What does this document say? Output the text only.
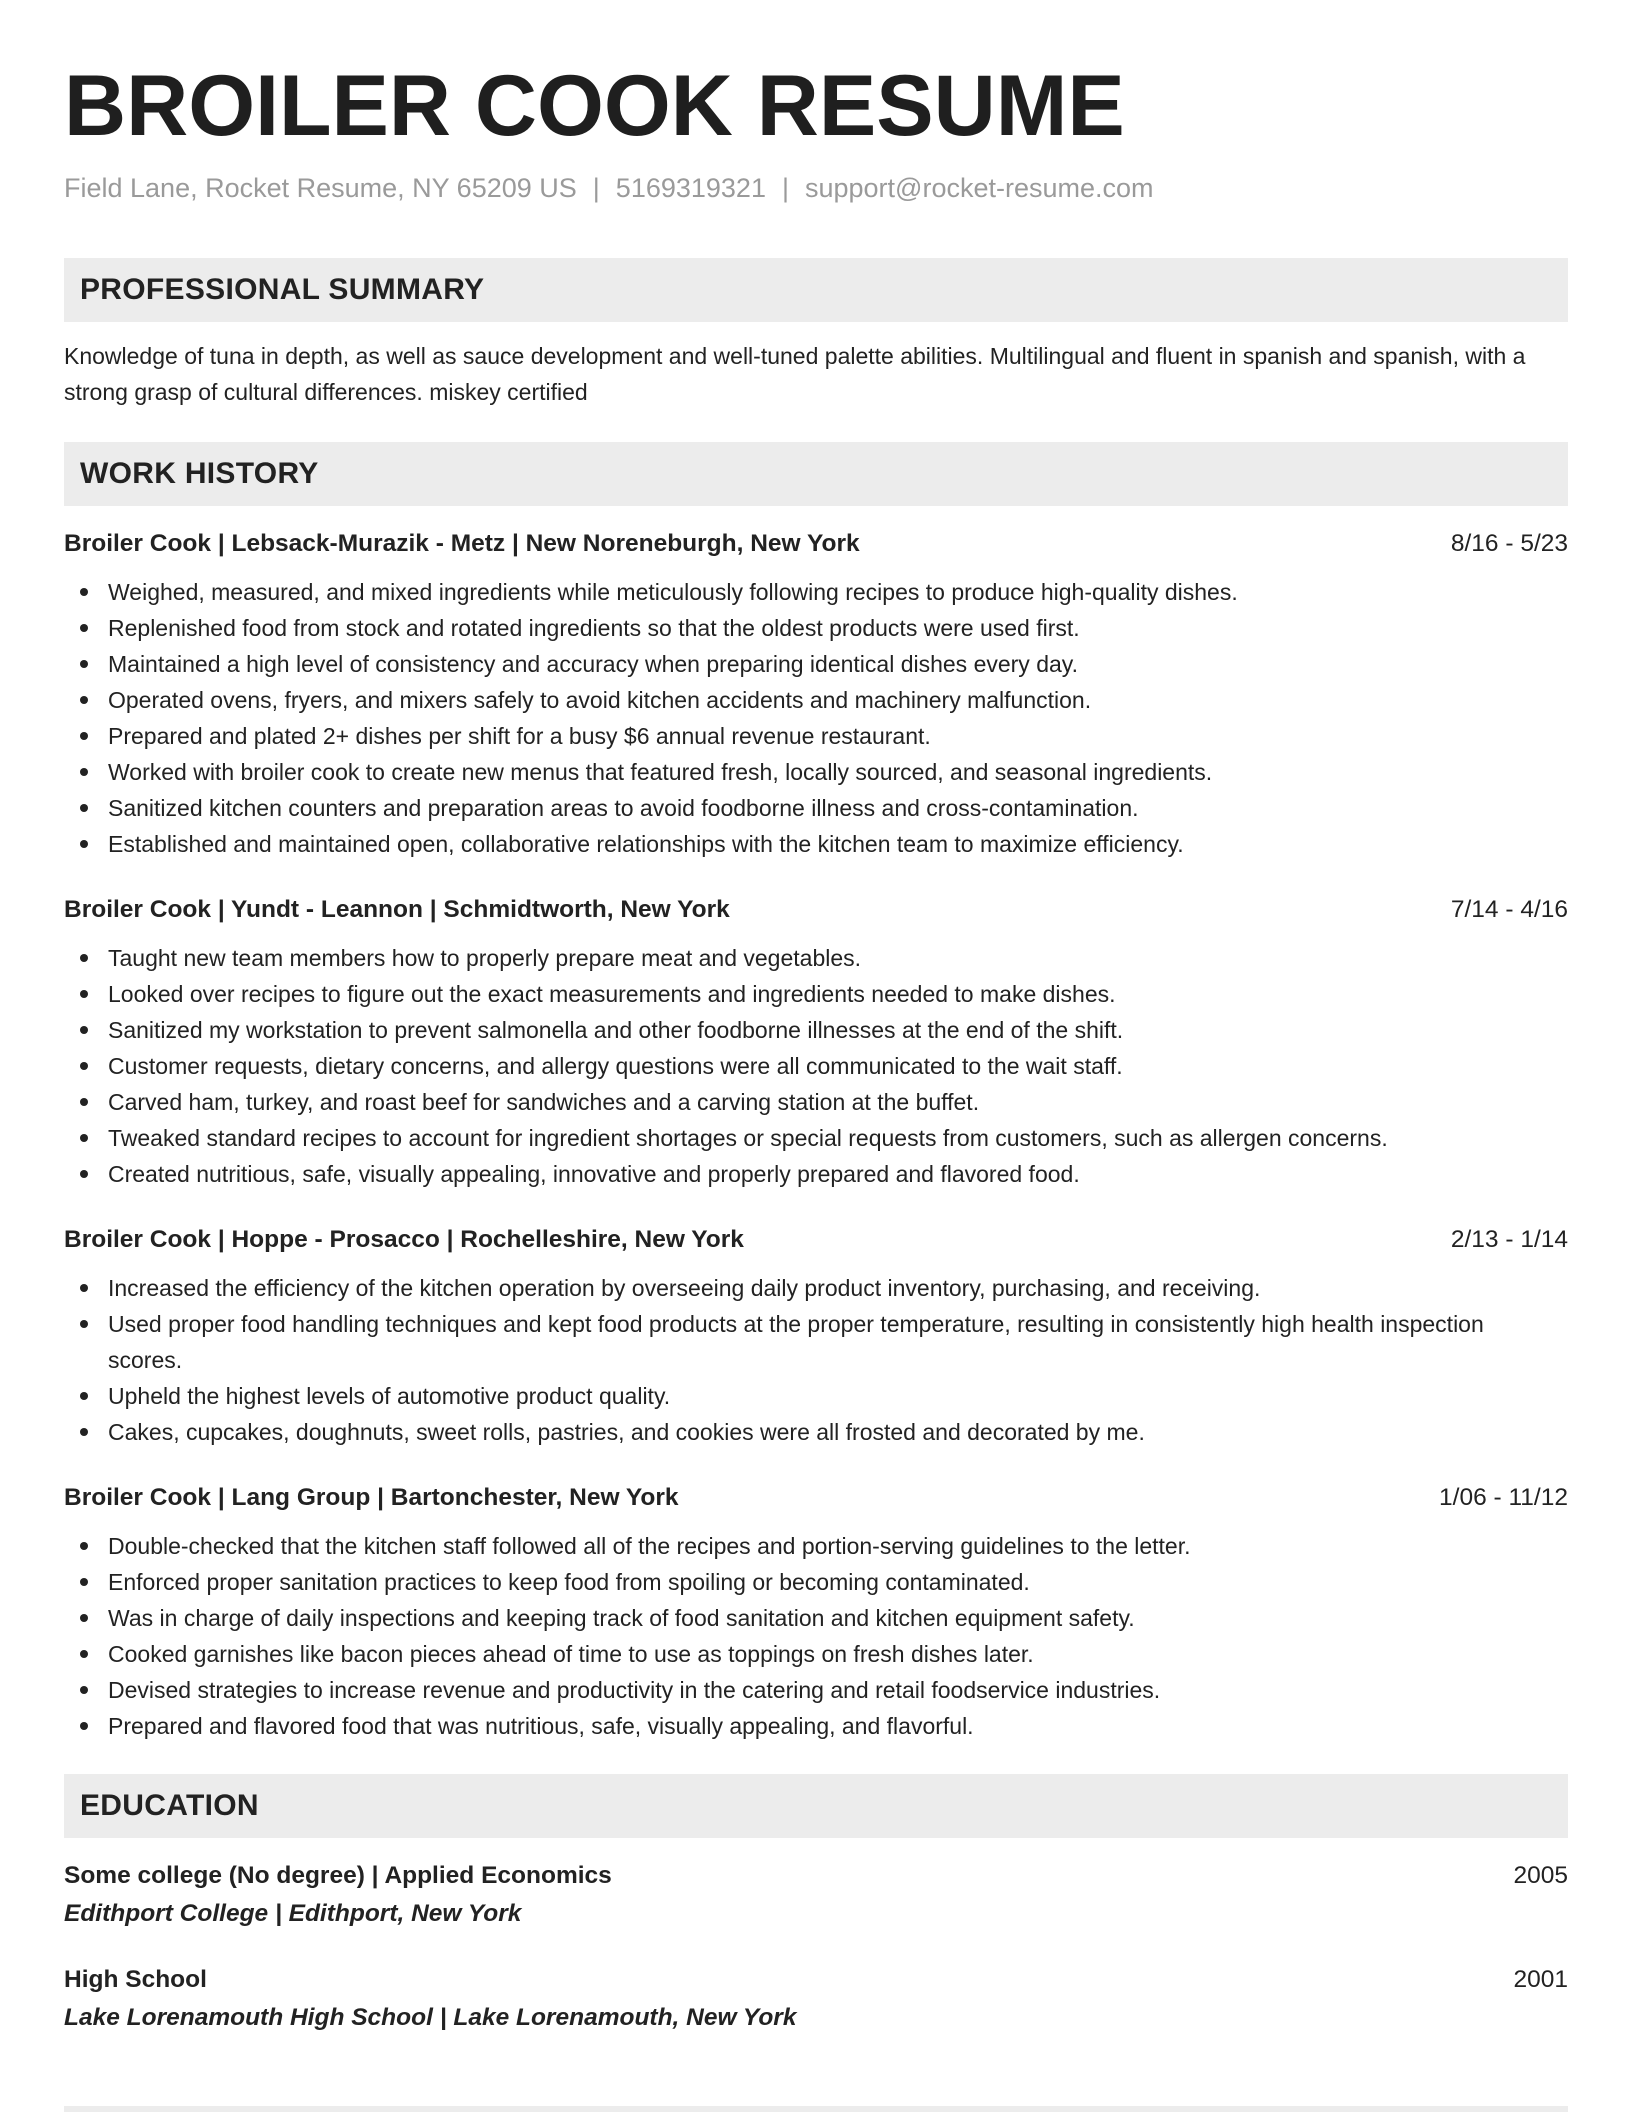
BROILER COOK RESUME
Field Lane, Rocket Resume, NY 65209 US | 5169319321 | support@rocket-resume.com
PROFESSIONAL SUMMARY
Knowledge of tuna in depth, as well as sauce development and well-tuned palette abilities. Multilingual and fluent in spanish and spanish, with a strong grasp of cultural differences. miskey certified
WORK HISTORY
Broiler Cook | Lebsack-Murazik - Metz | New Noreneburgh, New York	8/16 - 5/23
Weighed, measured, and mixed ingredients while meticulously following recipes to produce high-quality dishes.
Replenished food from stock and rotated ingredients so that the oldest products were used first.
Maintained a high level of consistency and accuracy when preparing identical dishes every day.
Operated ovens, fryers, and mixers safely to avoid kitchen accidents and machinery malfunction.
Prepared and plated 2+ dishes per shift for a busy $6 annual revenue restaurant.
Worked with broiler cook to create new menus that featured fresh, locally sourced, and seasonal ingredients.
Sanitized kitchen counters and preparation areas to avoid foodborne illness and cross-contamination.
Established and maintained open, collaborative relationships with the kitchen team to maximize efficiency.
Broiler Cook | Yundt - Leannon | Schmidtworth, New York	7/14 - 4/16
Taught new team members how to properly prepare meat and vegetables.
Looked over recipes to figure out the exact measurements and ingredients needed to make dishes.
Sanitized my workstation to prevent salmonella and other foodborne illnesses at the end of the shift.
Customer requests, dietary concerns, and allergy questions were all communicated to the wait staff.
Carved ham, turkey, and roast beef for sandwiches and a carving station at the buffet.
Tweaked standard recipes to account for ingredient shortages or special requests from customers, such as allergen concerns.
Created nutritious, safe, visually appealing, innovative and properly prepared and flavored food.
Broiler Cook | Hoppe - Prosacco | Rochelleshire, New York	2/13 - 1/14
Increased the efficiency of the kitchen operation by overseeing daily product inventory, purchasing, and receiving.
Used proper food handling techniques and kept food products at the proper temperature, resulting in consistently high health inspection scores.
Upheld the highest levels of automotive product quality.
Cakes, cupcakes, doughnuts, sweet rolls, pastries, and cookies were all frosted and decorated by me.
Broiler Cook | Lang Group | Bartonchester, New York	1/06 - 11/12
Double-checked that the kitchen staff followed all of the recipes and portion-serving guidelines to the letter.
Enforced proper sanitation practices to keep food from spoiling or becoming contaminated.
Was in charge of daily inspections and keeping track of food sanitation and kitchen equipment safety.
Cooked garnishes like bacon pieces ahead of time to use as toppings on fresh dishes later.
Devised strategies to increase revenue and productivity in the catering and retail foodservice industries.
Prepared and flavored food that was nutritious, safe, visually appealing, and flavorful.
EDUCATION
Some college (No degree) | Applied Economics	2005
Edithport College | Edithport, New York
High School	2001
Lake Lorenamouth High School | Lake Lorenamouth, New York
